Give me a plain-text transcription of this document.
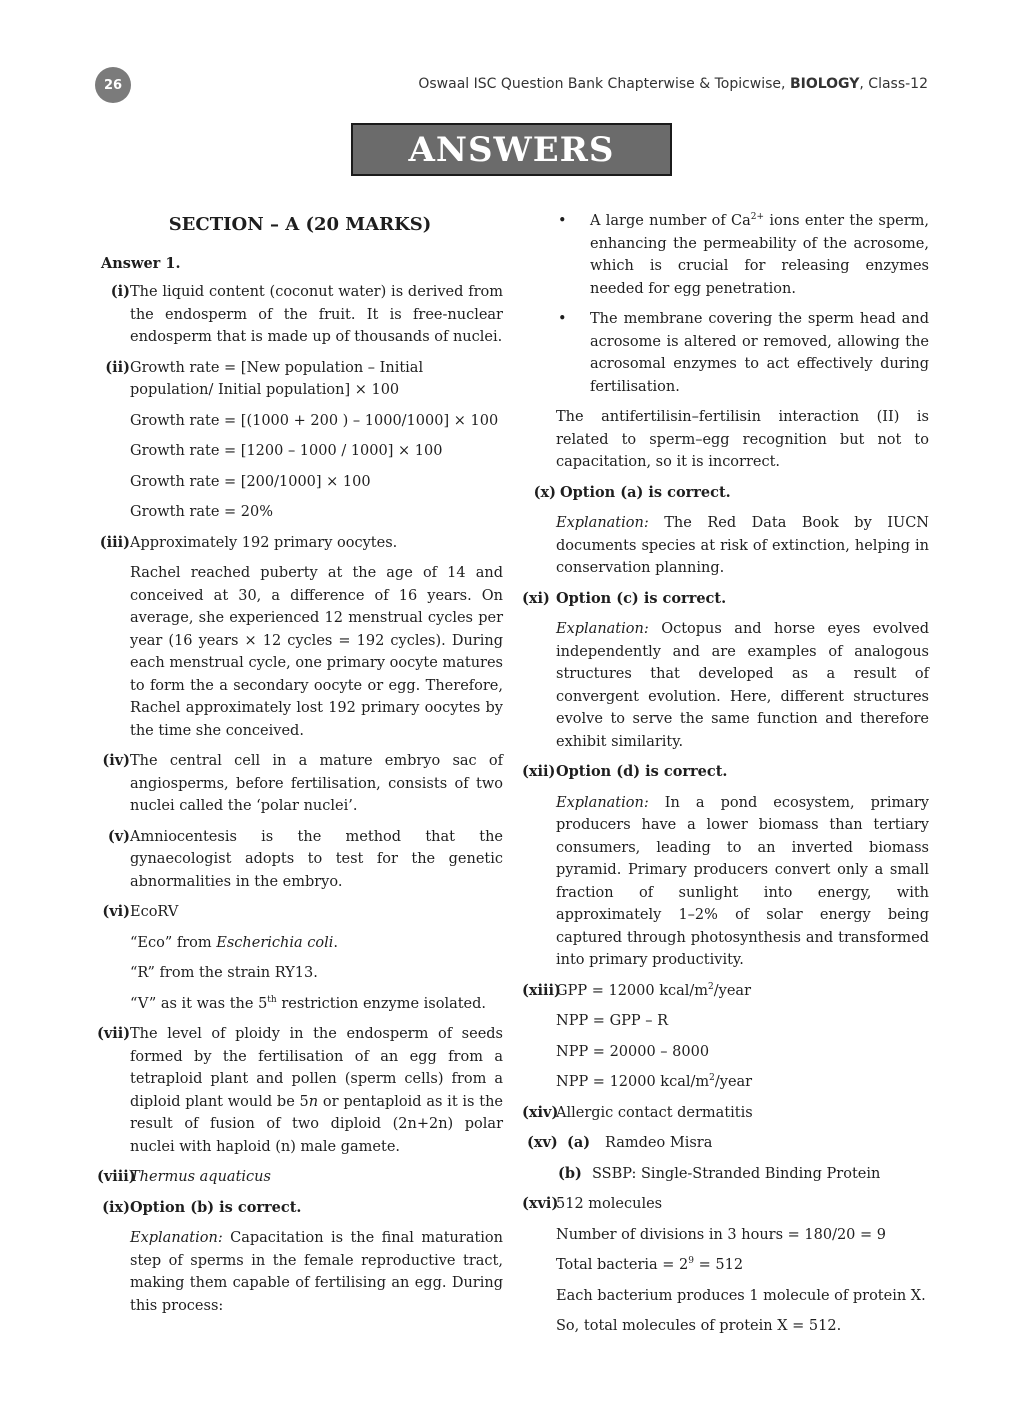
26	Oswaal ISC Question Bank Chapterwise & Topicwise, BIOLOGY, Class-12
ANSWERS
SECTION – A (20 MARKS)
Answer 1.
(i) The liquid content (coconut water) is derived from the endosperm of the fruit. It is free-nuclear endosperm that is made up of thousands of nuclei.

(ii) Growth rate = [New population – Initial population/ Initial population] × 100

Growth rate = [(1000 + 200 ) – 1000/1000] × 100

Growth rate = [1200 – 1000 / 1000] × 100

Growth rate = [200/1000] × 100

Growth rate = 20%

(iii) Approximately 192 primary oocytes.

Rachel reached puberty at the age of 14 and conceived at 30, a difference of 16 years. On average, she experienced 12 menstrual cycles per year (16 years × 12 cycles = 192 cycles). During each menstrual cycle, one primary oocyte matures to form the a secondary oocyte or egg. Therefore, Rachel approximately lost 192 primary oocytes by the time she conceived.

(iv) The central cell in a mature embryo sac of angiosperms, before fertilisation, consists of two nuclei called the ‘polar nuclei’.

(v) Amniocentesis is the method that the gynaecologist adopts to test for the genetic abnormalities in the embryo.

(vi) EcoRV

“Eco” from Escherichia coli.

“R” from the strain RY13.

“V” as it was the 5th restriction enzyme isolated.

(vii) The level of ploidy in the endosperm of seeds formed by the fertilisation of an egg from a tetraploid plant and pollen (sperm cells) from a diploid plant would be 5n or pentaploid as it is the result of fusion of two diploid (2n+2n) polar nuclei with haploid (n) male gamete.

(viii)

Thermus aquaticus

(ix) Option (b) is correct.

Explanation: Capacitation is the final maturation step of sperms in the female reproductive tract, making them capable of fertilising an egg. During this process:

•	A large number of $Ca^{2+}$ ions enter the sperm, enhancing the permeability of the acrosome, which is crucial for releasing enzymes needed for egg penetration.
•	The membrane covering the sperm head and acrosome is altered or removed, allowing the acrosomal enzymes to act effectively during fertilisation.

The antifertilisin–fertilisin interaction (II) is related to sperm–egg recognition but not to capacitation, so it is incorrect.

(x) Option (a) is correct.

Explanation: The Red Data Book by IUCN documents species at risk of extinction, helping in conservation planning.

(xi) Option (c) is correct.

Explanation: Octopus and horse eyes evolved independently and are examples of analogous structures that developed as a result of convergent evolution. Here, different structures evolve to serve the same function and therefore exhibit similarity.

(xii) Option (d) is correct.

Explanation: In a pond ecosystem, primary producers have a lower biomass than tertiary consumers, leading to an inverted biomass pyramid. Primary producers convert only a small fraction of sunlight into energy, with approximately 1–2% of solar energy being captured through photosynthesis and transformed into primary productivity.

(xiii)

GPP = 12000 kcal/$m^2$/year

NPP = GPP – R

NPP = 20000 – 8000

NPP = 12000 kcal/$m^2$/year

(xiv)

Allergic contact dermatitis

(xv) (a)	Ramdeo Misra
(b) SSBP: Single-Stranded Binding Protein
(xvi)

512 molecules

Number of divisions in 3 hours = 180/20 = 9

Total bacteria = $2^9 = 512$

Each bacterium produces 1 molecule of protein X.

So, total molecules of protein X = 512.
